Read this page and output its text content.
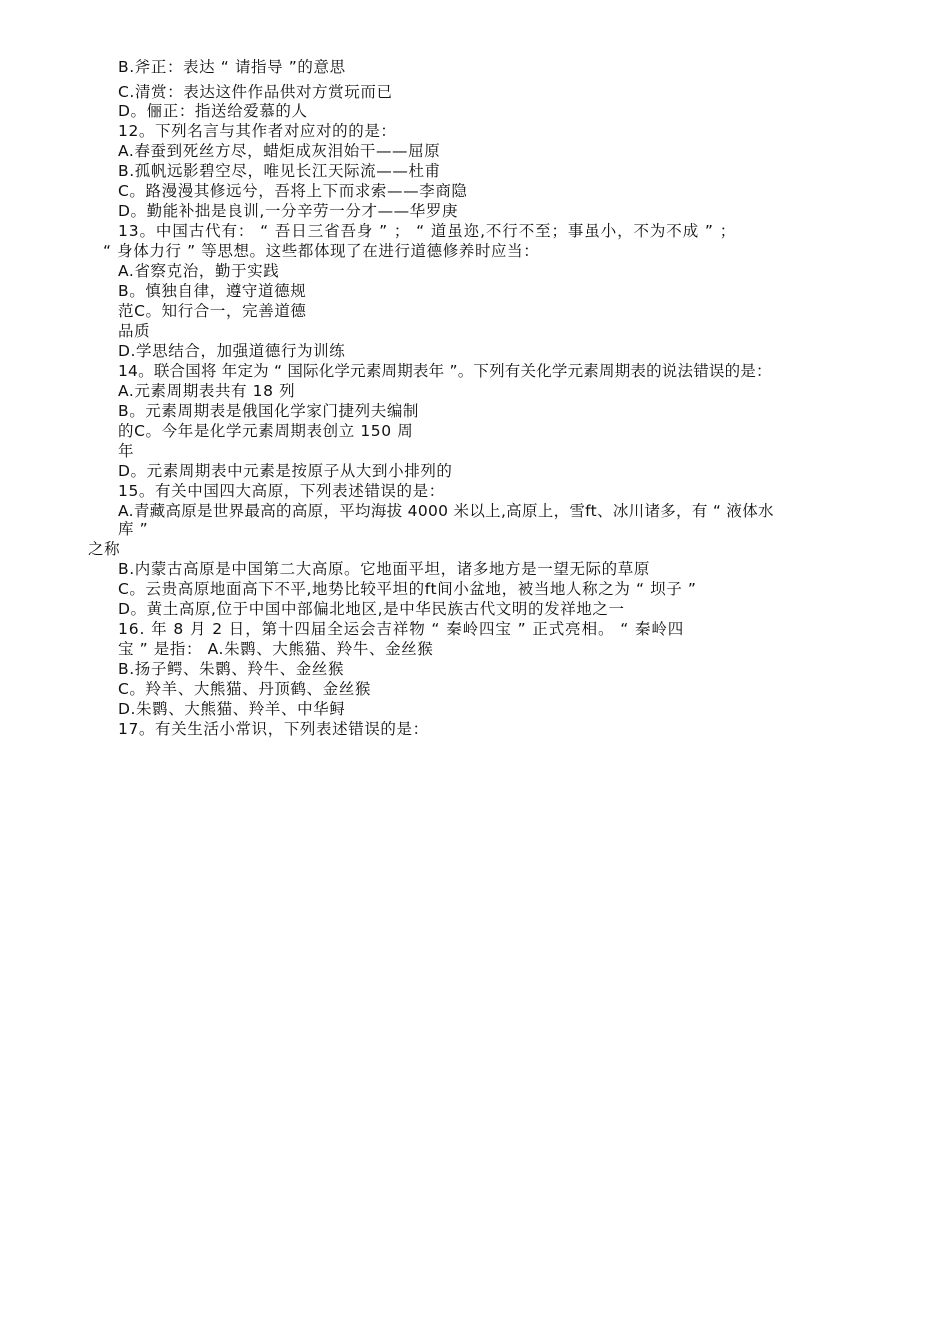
B.斧正：表达 “ 请指导 ”的意思
C.清赏：表达这件作品供对方赏玩而已
D。俪正：指送给爱慕的人
12。下列名言与其作者对应对的的是：
A.春蚕到死丝方尽，蜡炬成灰泪始干——屈原
B.孤帆远影碧空尽，唯见长江天际流——杜甫
C。路漫漫其修远兮，吾将上下而求索——李商隐
D。勤能补拙是良训,一分辛劳一分才——华罗庚
13。中国古代有： “ 吾日三省吾身 ” ； “ 道虽迩,不行不至；事虽小，不为不成 ” ；
“ 身体力行 ” 等思想。这些都体现了在进行道德修养时应当：
A.省察克治，勤于实践
B。慎独自律，遵守道德规
范C。知行合一，完善道德
品质
D.学思结合，加强道德行为训练
14。联合国将 年定为 “ 国际化学元素周期表年 ”。下列有关化学元素周期表的说法错误的是：
A.元素周期表共有 18 列
B。元素周期表是俄国化学家门捷列夫编制
的C。今年是化学元素周期表创立 150 周
年
D。元素周期表中元素是按原子从大到小排列的
15。有关中国四大高原，下列表述错误的是：
A.青藏高原是世界最高的高原，平均海拔 4000 米以上,高原上，雪ft、冰川诸多，有 “ 液体水
库 ”
之称
B.内蒙古高原是中国第二大高原。它地面平坦，诸多地方是一望无际的草原
C。云贵高原地面高下不平,地势比较平坦的ft间小盆地，被当地人称之为 “ 坝子 ”
D。黄土高原,位于中国中部偏北地区,是中华民族古代文明的发祥地之一
16. 年 8 月 2 日，第十四届全运会吉祥物 “ 秦岭四宝 ” 正式亮相。 “ 秦岭四
宝 ” 是指： A.朱鹮、大熊猫、羚牛、金丝猴
B.扬子鳄、朱鹮、羚牛、金丝猴
C。羚羊、大熊猫、丹顶鹤、金丝猴
D.朱鹮、大熊猫、羚羊、中华鲟
17。有关生活小常识，下列表述错误的是：
